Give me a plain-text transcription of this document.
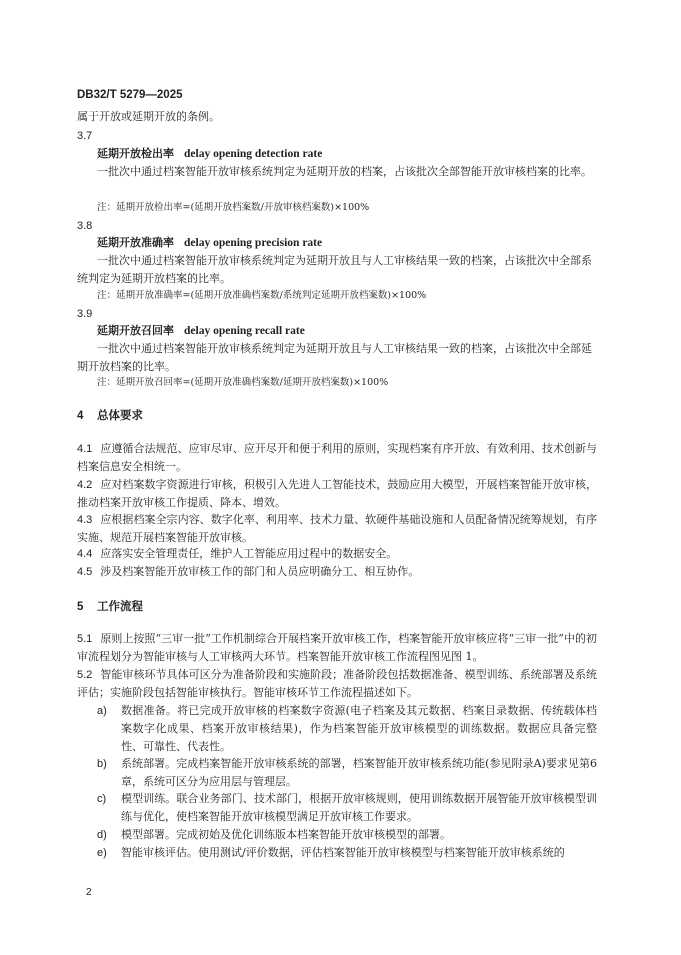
DB32/T 5279—2025
属于开放或延期开放的条例。
3.7
延期开放检出率 delay opening detection rate
一批次中通过档案智能开放审核系统判定为延期开放的档案，占该批次全部智能开放审核档案的比率。
注：延期开放检出率=(延期开放档案数/开放审核档案数)×100%
3.8
延期开放准确率 delay opening precision rate
一批次中通过档案智能开放审核系统判定为延期开放且与人工审核结果一致的档案，占该批次中全部系统判定为延期开放档案的比率。
注：延期开放准确率=(延期开放准确档案数/系统判定延期开放档案数)×100%
3.9
延期开放召回率 delay opening recall rate
一批次中通过档案智能开放审核系统判定为延期开放且与人工审核结果一致的档案，占该批次中全部延期开放档案的比率。
注：延期开放召回率=(延期开放准确档案数/延期开放档案数)×100%
4 总体要求
4.1 应遵循合法规范、应审尽审、应开尽开和便于利用的原则，实现档案有序开放、有效利用、技术创新与档案信息安全相统一。
4.2 应对档案数字资源进行审核，积极引入先进人工智能技术，鼓励应用大模型，开展档案智能开放审核，推动档案开放审核工作提质、降本、增效。
4.3 应根据档案全宗内容、数字化率、利用率、技术力量、软硬件基础设施和人员配备情况统筹规划，有序实施、规范开展档案智能开放审核。
4.4 应落实安全管理责任，维护人工智能应用过程中的数据安全。
4.5 涉及档案智能开放审核工作的部门和人员应明确分工、相互协作。
5 工作流程
5.1 原则上按照“三审一批”工作机制综合开展档案开放审核工作，档案智能开放审核应将“三审一批”中的初审流程划分为智能审核与人工审核两大环节。档案智能开放审核工作流程图见图 1。
5.2 智能审核环节具体可区分为准备阶段和实施阶段；准备阶段包括数据准备、模型训练、系统部署及系统评估；实施阶段包括智能审核执行。智能审核环节工作流程描述如下。
a) 数据准备。将已完成开放审核的档案数字资源(电子档案及其元数据、档案目录数据、传统载体档案数字化成果、档案开放审核结果)，作为档案智能开放审核模型的训练数据。数据应具备完整性、可靠性、代表性。
b) 系统部署。完成档案智能开放审核系统的部署，档案智能开放审核系统功能(参见附录A)要求见第6章，系统可区分为应用层与管理层。
c) 模型训练。联合业务部门、技术部门，根据开放审核规则，使用训练数据开展智能开放审核模型训练与优化，使档案智能开放审核模型满足开放审核工作要求。
d) 模型部署。完成初始及优化训练版本档案智能开放审核模型的部署。
e) 智能审核评估。使用测试/评价数据，评估档案智能开放审核模型与档案智能开放审核系统的
2
